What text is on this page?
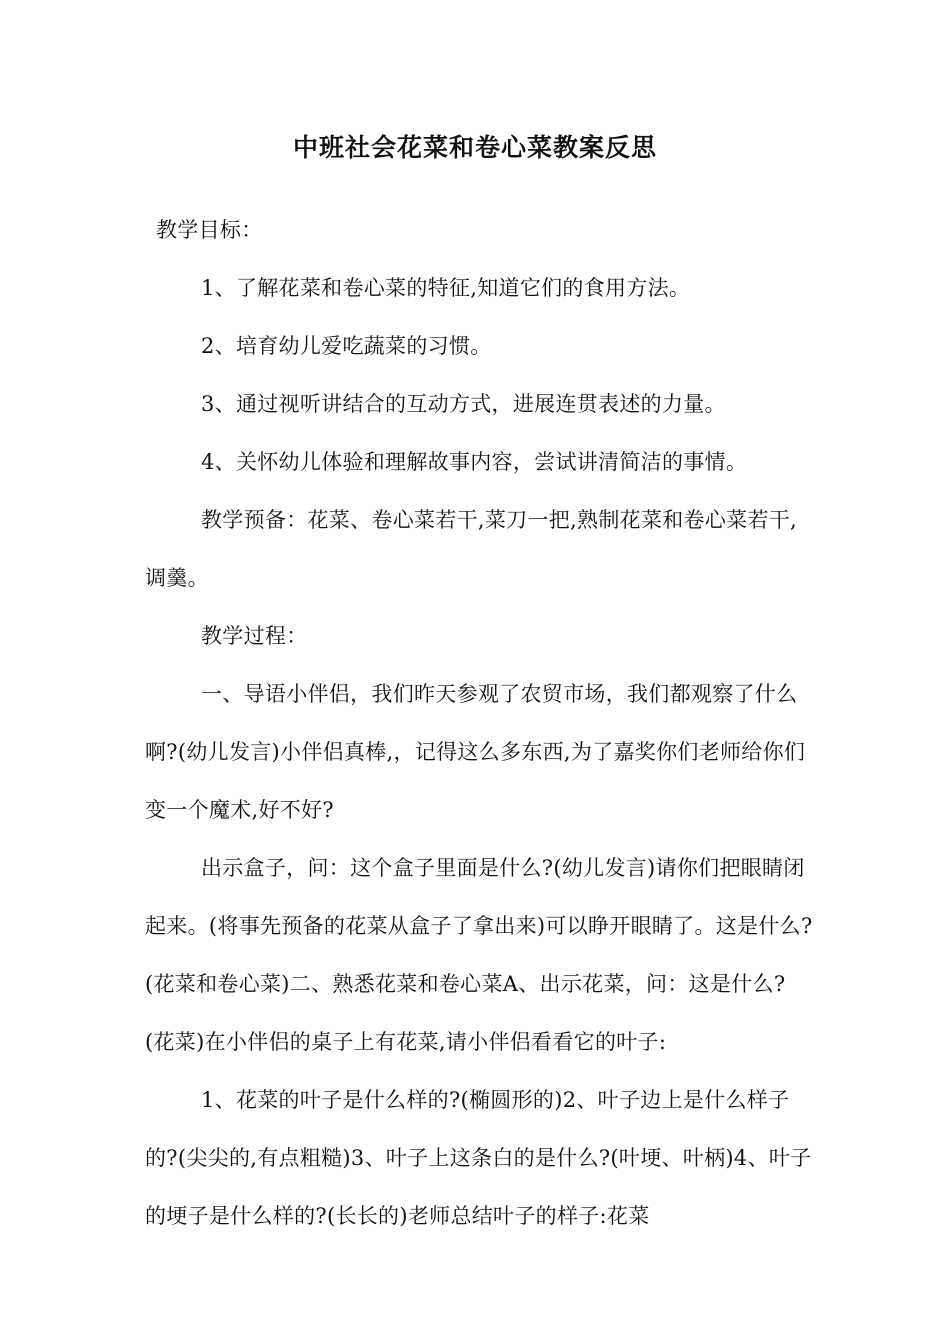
中班社会花菜和卷心菜教案反思

教学目标：

1、了解花菜和卷心菜的特征,知道它们的食用方法。

2、培育幼儿爱吃蔬菜的习惯。

3、通过视听讲结合的互动方式，进展连贯表述的力量。

4、关怀幼儿体验和理解故事内容，尝试讲清简洁的事情。

教学预备：花菜、卷心菜若干,菜刀一把,熟制花菜和卷心菜若干,调羹。

教学过程：

一、导语小伴侣，我们昨天参观了农贸市场，我们都观察了什么啊?(幼儿发言)小伴侣真棒,，记得这么多东西,为了嘉奖你们老师给你们变一个魔术,好不好?

出示盒子，问：这个盒子里面是什么?(幼儿发言)请你们把眼睛闭起来。(将事先预备的花菜从盒子了拿出来)可以睁开眼睛了。这是什么?(花菜和卷心菜)二、熟悉花菜和卷心菜A、出示花菜，问：这是什么?(花菜)在小伴侣的桌子上有花菜,请小伴侣看看它的叶子:

1、花菜的叶子是什么样的?(椭圆形的)2、叶子边上是什么样子的?(尖尖的,有点粗糙)3、叶子上这条白的是什么?(叶埂、叶柄)4、叶子的埂子是什么样的?(长长的)老师总结叶子的样子:花菜
